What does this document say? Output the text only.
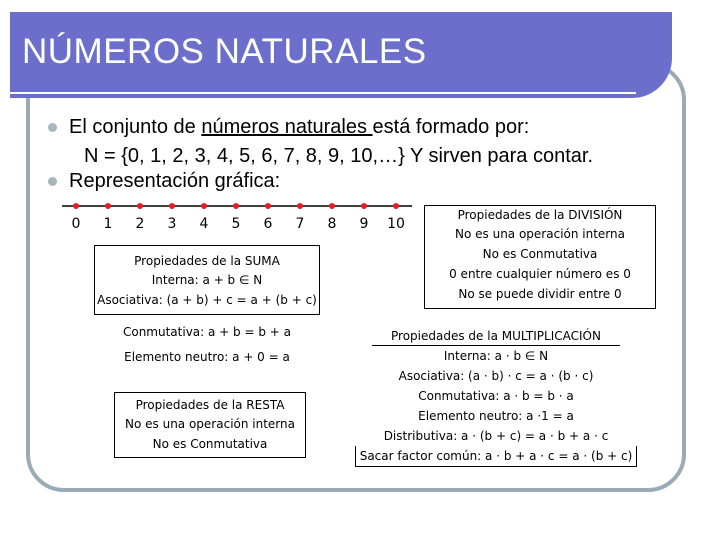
NÚMEROS NATURALES
El conjunto de números naturales está formado por:
N = {0, 1, 2, 3, 4, 5, 6, 7, 8, 9, 10,…} Y sirven para contar.
Representación gráfica:
0 1 2 3 4 5 6 7 8 9 10
Propiedades de la SUMA
Interna: a + b ∈ N
Asociativa: (a + b) + c = a + (b + c)
Conmutativa: a + b = b + a
Elemento neutro: a + 0 = a
Propiedades de la RESTA
No es una operación interna
No es Conmutativa
Propiedades de la DIVISIÓN
No es una operación interna
No es Conmutativa
0 entre cualquier número es 0
No se puede dividir entre 0
Propiedades de la MULTIPLICACIÓN
Interna: a · b ∈ N
Asociativa: (a · b) · c = a · (b · c)
Conmutativa: a · b = b · a
Elemento neutro: a ·1 = a
Distributiva: a · (b + c) = a · b + a · c
Sacar factor común: a · b + a · c = a · (b + c)
